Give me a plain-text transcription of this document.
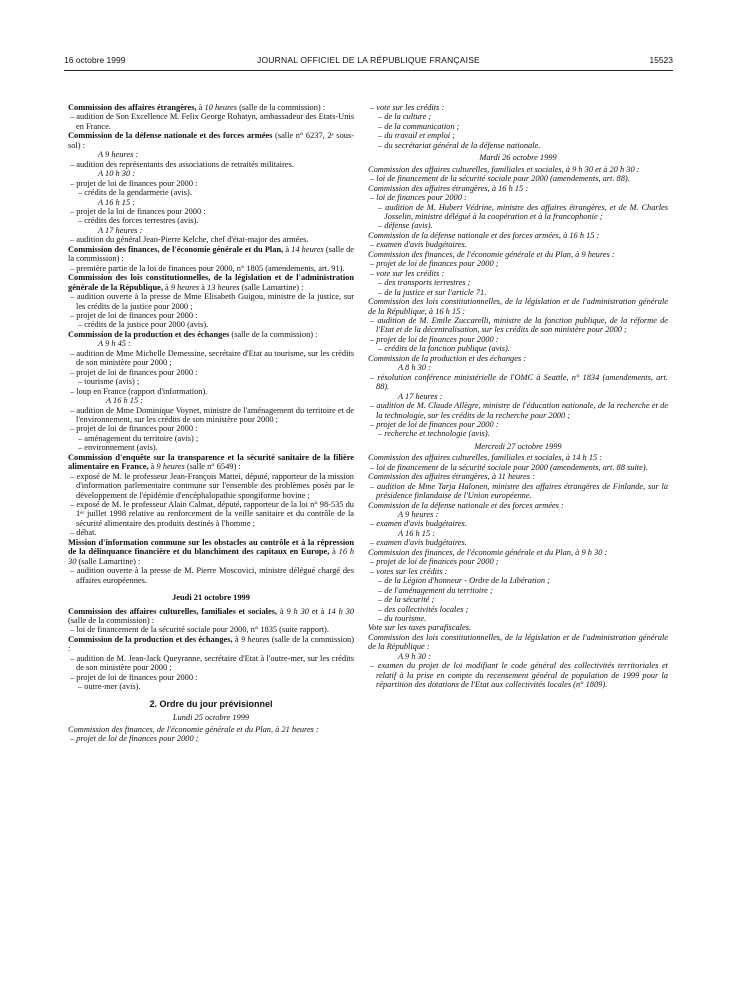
16 octobre 1999	JOURNAL OFFICIEL DE LA RÉPUBLIQUE FRANÇAISE	15523
Commission des affaires étrangères, à 10 heures (salle de la commission) :
– audition de Son Excellence M. Felix George Rohatyn, ambassadeur des Etats-Unis en France.
Commission de la défense nationale et des forces armées (salle n° 6237, 2ᵉ sous-sol) :
A 9 heures :
– audition des représentants des associations de retraités militaires.
A 10 h 30 :
– projet de loi de finances pour 2000 :
– crédits de la gendarmerie (avis).
A 16 h 15 :
– projet de la loi de finances pour 2000 :
– crédits des forces terrestres (avis).
A 17 heures :
– audition du général Jean-Pierre Kelche, chef d'état-major des armées.
Commission des finances, de l'économie générale et du Plan, à 14 heures (salle de la commission) :
– première partie de la loi de finances pour 2000, n° 1805 (amendements, art. 91).
Commission des lois constitutionnelles, de la législation et de l'administration générale de la République, à 9 heures à 13 heures (salle Lamartine) :
– audition ouverte à la presse de Mme Elisabeth Guigou, ministre de la justice, sur les crédits de la justice pour 2000 ;
– projet de loi de finances pour 2000 :
– crédits de la justice pour 2000 (avis).
Commission de la production et des échanges (salle de la commission) :
A 9 h 45 :
– audition de Mme Michelle Demessine, secrétaire d'Etat au tourisme, sur les crédits de son ministère pour 2000 ;
– projet de loi de finances pour 2000 :
– tourisme (avis) ;
– loup en France (rapport d'information).
A 16 h 15 :
– audition de Mme Dominique Voynet, ministre de l'aménagement du territoire et de l'environnement, sur les crédits de son ministère pour 2000 ;
– projet de loi de finances pour 2000 :
– aménagement du territoire (avis) ;
– environnement (avis).
Commission d'enquête sur la transparence et la sécurité sanitaire de la filière alimentaire en France, à 9 heures (salle n° 6549) :
– exposé de M. le professeur Jean-François Mattei, député, rapporteur de la mission d'information parlementaire commune sur l'ensemble des problèmes posés par le développement de l'épidémie d'encéphalopathie spongiforme bovine ;
– exposé de M. le professeur Alain Calmat, député, rapporteur de la loi n° 98-535 du 1ᵉʳ juillet 1998 relative au renforcement de la veille sanitaire et du contrôle de la sécurité alimentaire des produits destinés à l'homme ;
– débat.
Mission d'information commune sur les obstacles au contrôle et à la répression de la délinquance financière et du blanchiment des capitaux en Europe, à 16 h 30 (salle Lamartine) :
– audition ouverte à la presse de M. Pierre Moscovici, ministre délégué chargé des affaires européennes.
Jeudi 21 octobre 1999
Commission des affaires culturelles, familiales et sociales, à 9 h 30 et à 14 h 30 (salle de la commission) :
– loi de financement de la sécurité sociale pour 2000, n° 1835 (suite rapport).
Commission de la production et des échanges, à 9 heures (salle de la commission) :
– audition de M. Jean-Jack Queyranne, secrétaire d'Etat à l'outre-mer, sur les crédits de son ministère pour 2000 ;
– projet de loi de finances pour 2000 :
– outre-mer (avis).
2. Ordre du jour prévisionnel
Lundi 25 octobre 1999
Commission des finances, de l'économie générale et du Plan, à 21 heures :
– projet de loi de finances pour 2000 ;
– vote sur les crédits :
– de la culture ;
– de la communication ;
– du travail et emploi ;
– du secrétariat général de la défense nationale.
Mardi 26 octobre 1999
Commission des affaires culturelles, familiales et sociales, à 9 h 30 et à 20 h 30 :
– loi de financement de la sécurité sociale pour 2000 (amendements, art. 88).
Commission des affaires étrangères, à 16 h 15 :
– loi de finances pour 2000 :
– audition de M. Hubert Védrine, ministre des affaires étrangères, et de M. Charles Josselin, ministre délégué à la coopération et à la francophonie ;
– défense (avis).
Commission de la défense nationale et des forces armées, à 16 h 15 :
– examen d'avis budgétaires.
Commission des finances, de l'économie générale et du Plan, à 9 heures :
– projet de loi de finances pour 2000 ;
– vote sur les crédits :
– des transports terrestres ;
– de la justice et sur l'article 71.
Commission des lois constitutionnelles, de la législation et de l'administration générale de la République, à 16 h 15 :
– audition de M. Emile Zuccarelli, ministre de la fonction publique, de la réforme de l'Etat et de la décentralisation, sur les crédits de son ministère pour 2000 ;
– projet de loi de finances pour 2000 :
– crédits de la fonction publique (avis).
Commission de la production et des échanges :
A 8 h 30 :
– résolution conférence ministérielle de l'OMC à Seattle, n° 1834 (amendements, art. 88).
A 17 heures :
– audition de M. Claude Allègre, ministre de l'éducation nationale, de la recherche et de la technologie, sur les crédits de la recherche pour 2000 ;
– projet de loi de finances pour 2000 :
– recherche et technologie (avis).
Mercredi 27 octobre 1999
Commission des affaires culturelles, familiales et sociales, à 14 h 15 :
– loi de financement de la sécurité sociale pour 2000 (amendements, art. 88 suite).
Commission des affaires étrangères, à 11 heures :
– audition de Mme Tarja Halonen, ministre des affaires étrangères de Finlande, sur la présidence finlandaise de l'Union européenne.
Commission de la défense nationale et des forces armées :
A 9 heures :
– examen d'avis budgétaires.
A 16 h 15 :
– examen d'avis budgétaires.
Commission des finances, de l'économie générale et du Plan, à 9 h 30 :
– projet de loi de finances pour 2000 ;
– votes sur les crédits :
– de la Légion d'honneur - Ordre de la Libération ;
– de l'aménagement du territoire ;
– de la sécurité ;
– des collectivités locales ;
– du tourisme.
Vote sur les taxes parafiscales.
Commission des lois constitutionnelles, de la législation et de l'administration générale de la République :
A 9 h 30 :
– examen du projet de loi modifiant le code général des collectivités territoriales et relatif à la prise en compte du recensement général de population de 1999 pour la répartition des dotations de l'Etat aux collectivités locales (n° 1809).
